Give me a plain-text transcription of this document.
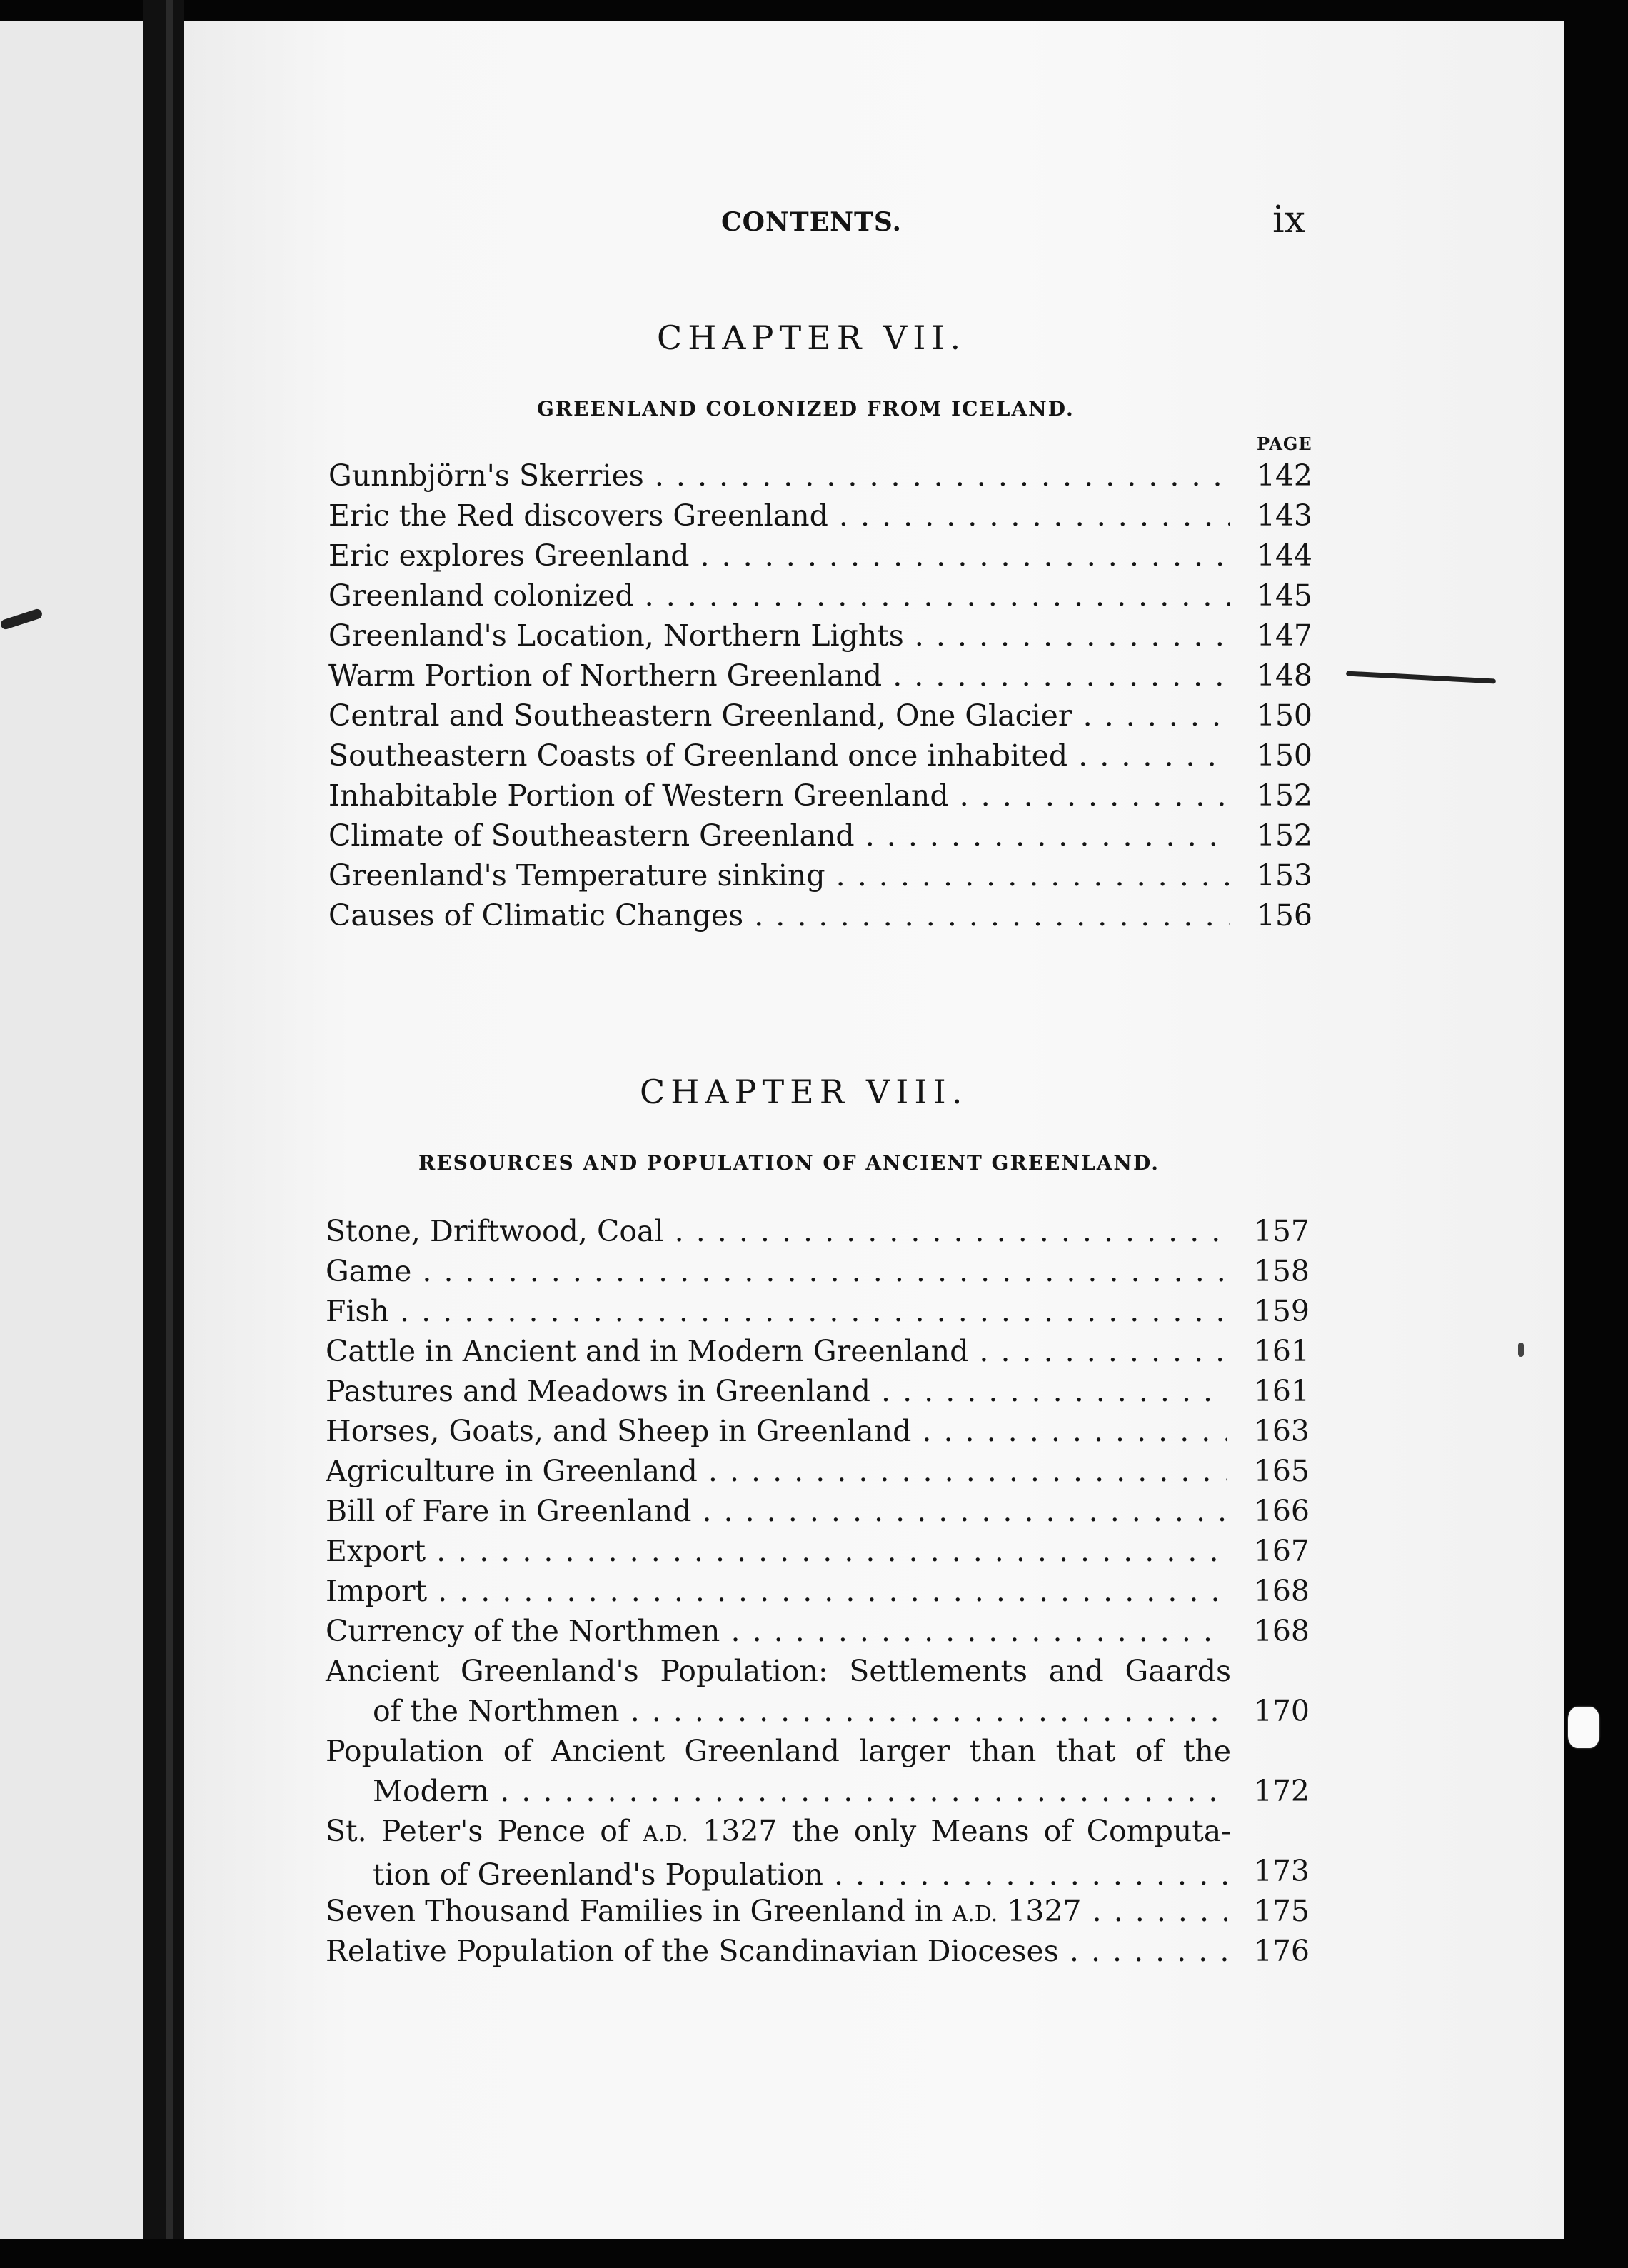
CONTENTS.	ix
CHAPTER VII.
GREENLAND COLONIZED FROM ICELAND.
PAGE
Gunnbjörn's Skerries . . .	142
Eric the Red discovers Greenland . . .	143
Eric explores Greenland . . .	144
Greenland colonized . . .	145
Greenland's Location, Northern Lights . . .	147
Warm Portion of Northern Greenland . . .	148
Central and Southeastern Greenland, One Glacier . . .	150
Southeastern Coasts of Greenland once inhabited . . .	150
Inhabitable Portion of Western Greenland . . .	152
Climate of Southeastern Greenland . . .	152
Greenland's Temperature sinking . . .	153
Causes of Climatic Changes . . .	156
CHAPTER VIII.
RESOURCES AND POPULATION OF ANCIENT GREENLAND.
Stone, Driftwood, Coal . . .	157
Game . . .	158
Fish . . .	159
Cattle in Ancient and in Modern Greenland . . .	161
Pastures and Meadows in Greenland . . .	161
Horses, Goats, and Sheep in Greenland . . .	163
Agriculture in Greenland . . .	165
Bill of Fare in Greenland . . .	166
Export . . .	167
Import . . .	168
Currency of the Northmen . . .	168
Ancient Greenland's Population: Settlements and Gaards
of the Northmen . . .	170
Population of Ancient Greenland larger than that of the
Modern . . .	172
St. Peter's Pence of A.D. 1327 the only Means of Computa-
tion of Greenland's Population . . .	173
Seven Thousand Families in Greenland in A.D. 1327 . . .	175
Relative Population of the Scandinavian Dioceses . . .	176
